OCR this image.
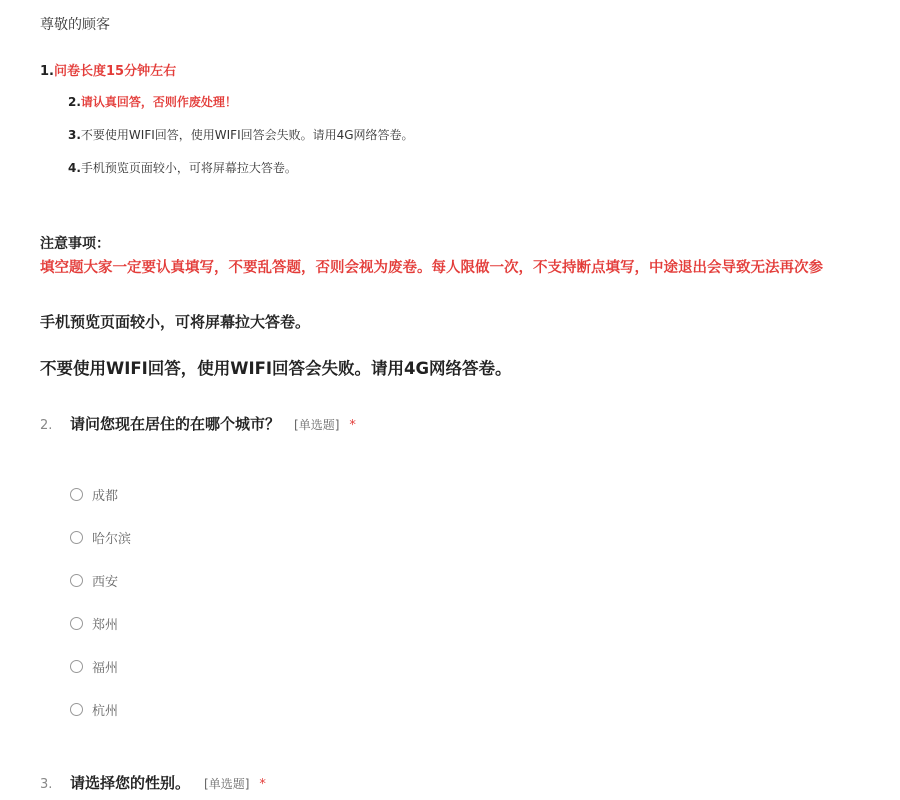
尊敬的顾客
1.问卷长度15分钟左右
2.请认真回答，否则作废处理！
3.不要使用WIFI回答，使用WIFI回答会失败。请用4G网络答卷。
4.手机预览页面较小，可将屏幕拉大答卷。
注意事项：
填空题大家一定要认真填写，不要乱答题，否则会视为废卷。每人限做一次，不支持断点填写，中途退出会导致无法再次参
手机预览页面较小，可将屏幕拉大答卷。
不要使用WIFI回答，使用WIFI回答会失败。请用4G网络答卷。
2. 请问您现在居住的在哪个城市？ [单选题] *
成都
哈尔滨
西安
郑州
福州
杭州
3. 请选择您的性别。 [单选题] *
